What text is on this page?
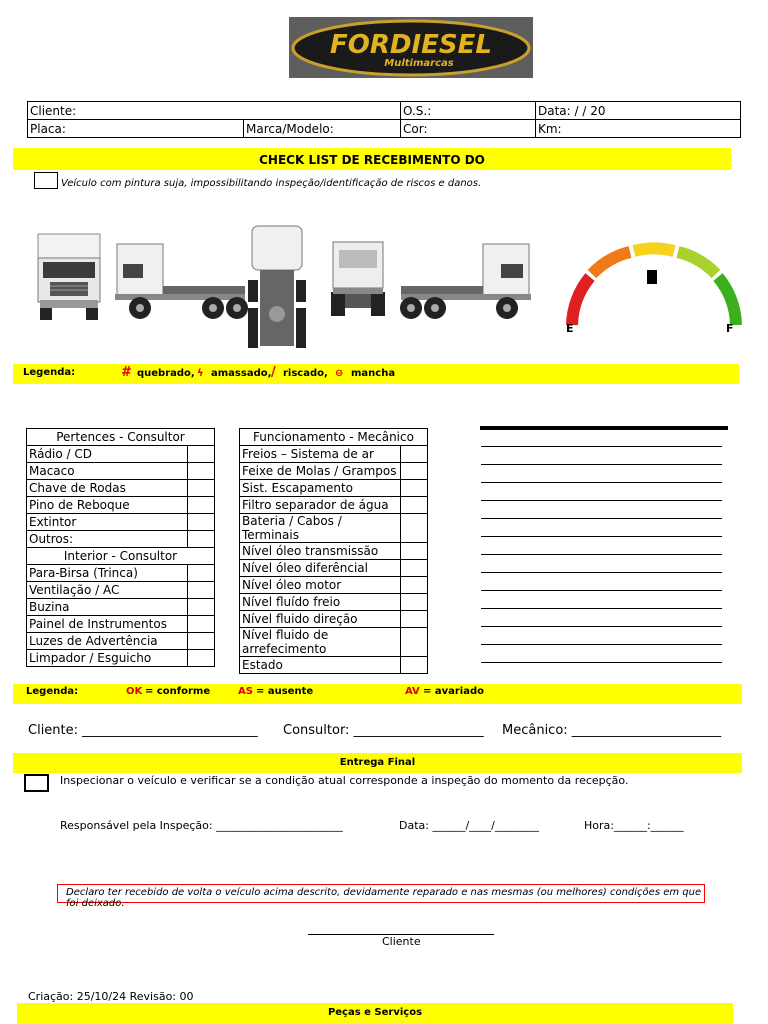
FORDIESEL
Multimarcas
Cliente:		O.S.:	Data: / / 20
Placa:	Marca/Modelo:	Cor:	Km:
CHECK LIST DE RECEBIMENTO DO
Veículo com pintura suja, impossibilitando inspeção/identificação de riscos e danos.
E	F
Legenda:	# quebrado, ϟ amassado, / riscado, ⊖ mancha
Pertences - Consultor	
Rádio / CD	
Macaco	
Chave de Rodas	
Pino de Reboque	
Extintor	
Outros:	
Interior - Consultor	
Para-Birsa (Trinca)	
Ventilação / AC	
Buzina	
Painel de Instrumentos	
Luzes de Advertência	
Limpador / Esguicho	
Funcionamento - Mecânico	
Freios – Sistema de ar	
Feixe de Molas / Grampos	
Sist. Escapamento	
Filtro separador de água	
Bateria / Cabos / Terminais	
Nível óleo transmissão	
Nível óleo diferêncial	
Nível óleo motor	
Nível fluído freio	
Nível fluido direção	
Nível fluido de arrefecimento	
Estado	
Legenda:	OK = conforme	AS = ausente	AV = avariado
Cliente: ___________________________ Consultor: ____________________ Mecânico: _______________________
Entrega Final
Inspecionar o veículo e verificar se a condição atual corresponde a inspeção do momento da recepção.
Responsável pela Inspeção: _______________________	Data: ______/____/________	Hora:______:______
Declaro ter recebido de volta o veículo acima descrito, devidamente reparado e nas mesmas (ou melhores) condições em que foi deixado.
Cliente
Criação: 25/10/24 Revisão: 00
Peças e Serviços
